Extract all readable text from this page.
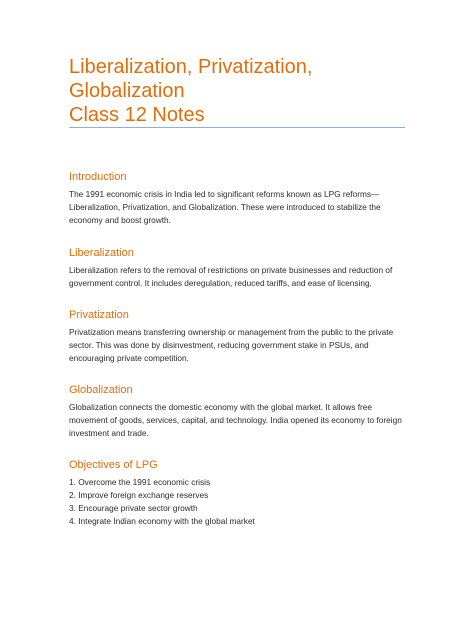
Liberalization, Privatization,
Globalization
Class 12 Notes
Introduction

The 1991 economic crisis in India led to significant reforms known as LPG reforms—Liberalization, Privatization, and Globalization. These were introduced to stabilize the economy and boost growth.

Liberalization

Liberalization refers to the removal of restrictions on private businesses and reduction of government control. It includes deregulation, reduced tariffs, and ease of licensing.

Privatization

Privatization means transferring ownership or management from the public to the private sector. This was done by disinvestment, reducing government stake in PSUs, and encouraging private competition.

Globalization

Globalization connects the domestic economy with the global market. It allows free movement of goods, services, capital, and technology. India opened its economy to foreign investment and trade.

Objectives of LPG
1. Overcome the 1991 economic crisis
2. Improve foreign exchange reserves
3. Encourage private sector growth
4. Integrate Indian economy with the global market
